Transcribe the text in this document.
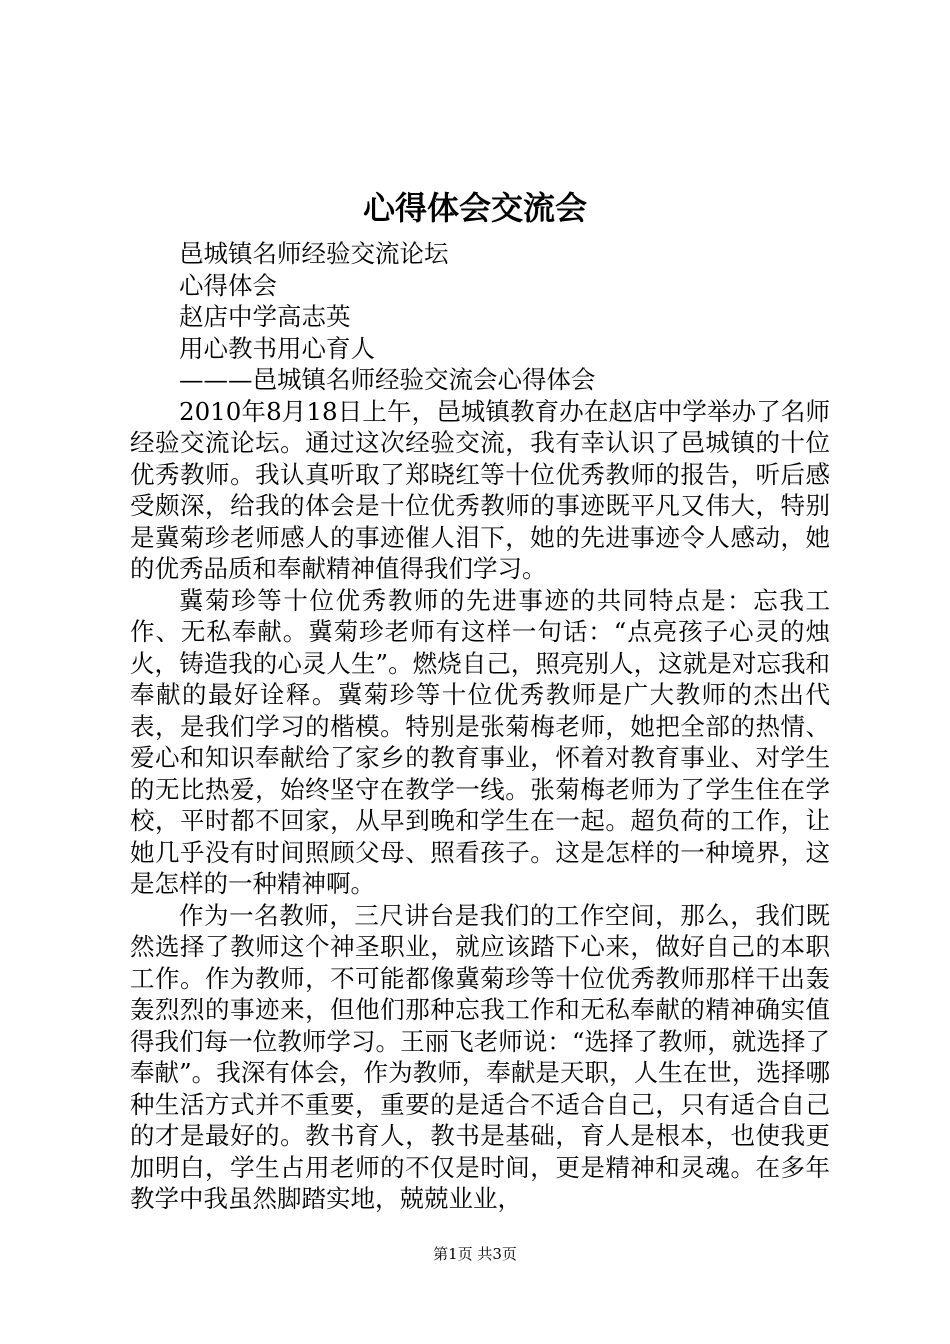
心得体会交流会

邑城镇名师经验交流论坛

心得体会

赵店中学高志英

用心教书用心育人

———邑城镇名师经验交流会心得体会

2010年8月18日上午，邑城镇教育办在赵店中学举办了名师经验交流论坛。通过这次经验交流，我有幸认识了邑城镇的十位优秀教师。我认真听取了郑晓红等十位优秀教师的报告，听后感受颇深，给我的体会是十位优秀教师的事迹既平凡又伟大，特别是冀菊珍老师感人的事迹催人泪下，她的先进事迹令人感动，她的优秀品质和奉献精神值得我们学习。

冀菊珍等十位优秀教师的先进事迹的共同特点是：忘我工作、无私奉献。冀菊珍老师有这样一句话：“点亮孩子心灵的烛火，铸造我的心灵人生”。燃烧自己，照亮别人，这就是对忘我和奉献的最好诠释。冀菊珍等十位优秀教师是广大教师的杰出代表，是我们学习的楷模。特别是张菊梅老师，她把全部的热情、爱心和知识奉献给了家乡的教育事业，怀着对教育事业、对学生的无比热爱，始终坚守在教学一线。张菊梅老师为了学生住在学校，平时都不回家，从早到晚和学生在一起。超负荷的工作，让她几乎没有时间照顾父母、照看孩子。这是怎样的一种境界，这是怎样的一种精神啊。

作为一名教师，三尺讲台是我们的工作空间，那么，我们既然选择了教师这个神圣职业，就应该踏下心来，做好自己的本职工作。作为教师，不可能都像冀菊珍等十位优秀教师那样干出轰轰烈烈的事迹来，但他们那种忘我工作和无私奉献的精神确实值得我们每一位教师学习。王丽飞老师说：“选择了教师，就选择了奉献”。我深有体会，作为教师，奉献是天职，人生在世，选择哪种生活方式并不重要，重要的是适合不适合自己，只有适合自己的才是最好的。教书育人，教书是基础，育人是根本，也使我更加明白，学生占用老师的不仅是时间，更是精神和灵魂。在多年教学中我虽然脚踏实地，兢兢业业，

第1页 共3页
